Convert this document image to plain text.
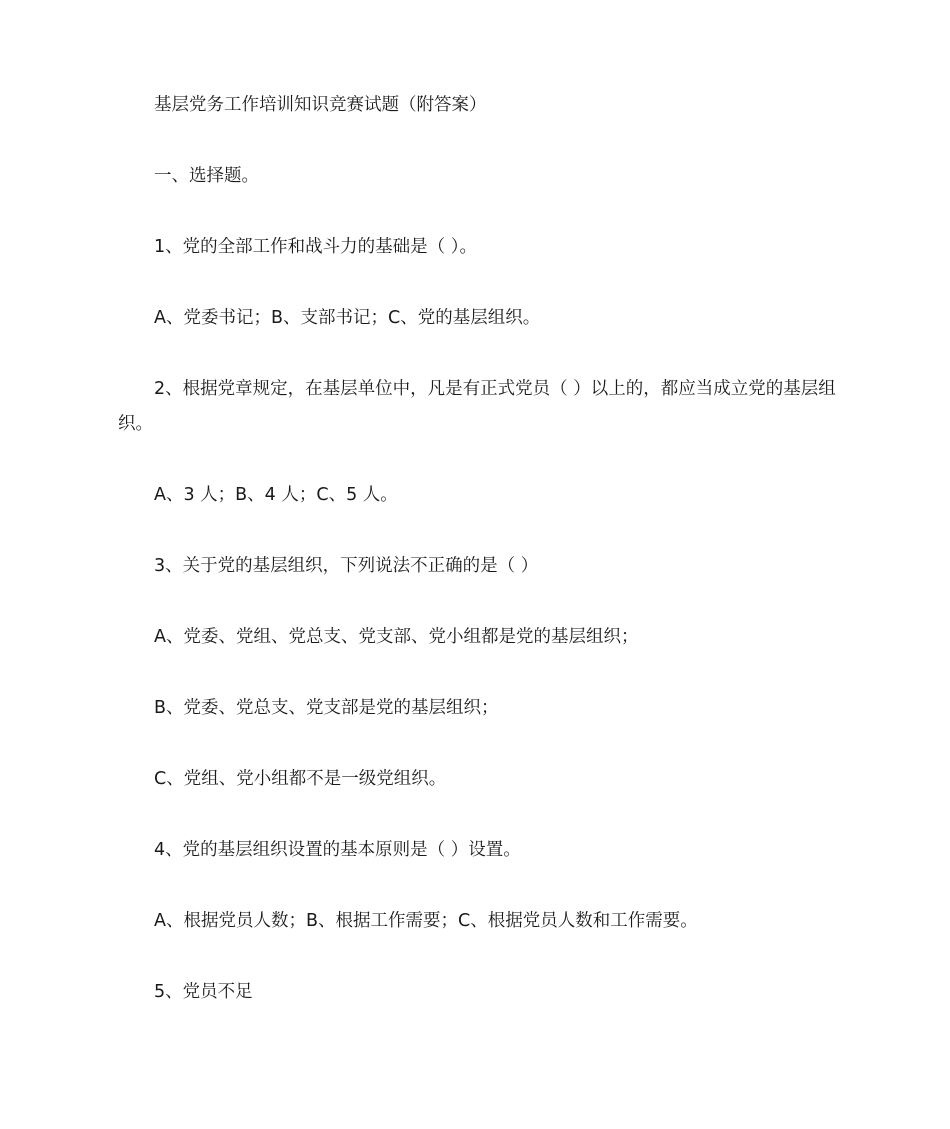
基层党务工作培训知识竞赛试题（附答案）

一、选择题。

1、党的全部工作和战斗力的基础是（ ）。

A、党委书记；B、支部书记；C、党的基层组织。

2、根据党章规定，在基层单位中，凡是有正式党员（ ）以上的，都应当成立党的基层组织。

A、3 人；B、4 人；C、5 人。

3、关于党的基层组织，下列说法不正确的是（ ）

A、党委、党组、党总支、党支部、党小组都是党的基层组织；

B、党委、党总支、党支部是党的基层组织；

C、党组、党小组都不是一级党组织。

4、党的基层组织设置的基本原则是（ ）设置。

A、根据党员人数；B、根据工作需要；C、根据党员人数和工作需要。

5、党员不足
